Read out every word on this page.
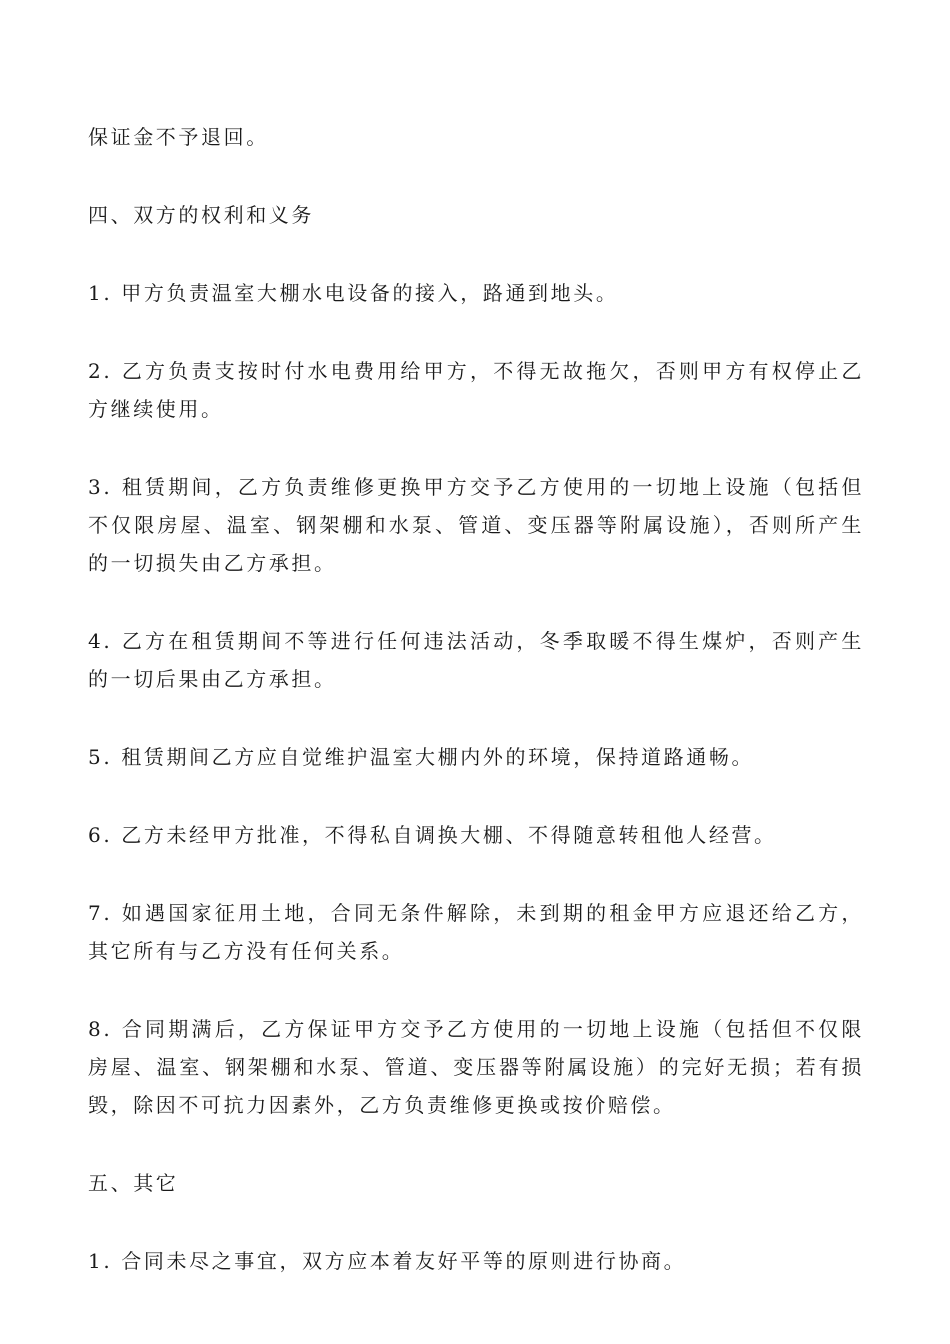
保证金不予退回。

四、双方的权利和义务

1. 甲方负责温室大棚水电设备的接入，路通到地头。

2. 乙方负责支按时付水电费用给甲方，不得无故拖欠，否则甲方有权停止乙方继续使用。

3. 租赁期间，乙方负责维修更换甲方交予乙方使用的一切地上设施（包括但不仅限房屋、温室、钢架棚和水泵、管道、变压器等附属设施），否则所产生的一切损失由乙方承担。

4. 乙方在租赁期间不等进行任何违法活动，冬季取暖不得生煤炉，否则产生的一切后果由乙方承担。

5. 租赁期间乙方应自觉维护温室大棚内外的环境，保持道路通畅。

6. 乙方未经甲方批准，不得私自调换大棚、不得随意转租他人经营。

7. 如遇国家征用土地，合同无条件解除，未到期的租金甲方应退还给乙方，其它所有与乙方没有任何关系。

8. 合同期满后，乙方保证甲方交予乙方使用的一切地上设施（包括但不仅限房屋、温室、钢架棚和水泵、管道、变压器等附属设施）的完好无损；若有损毁，除因不可抗力因素外，乙方负责维修更换或按价赔偿。

五、其它

1. 合同未尽之事宜，双方应本着友好平等的原则进行协商。
